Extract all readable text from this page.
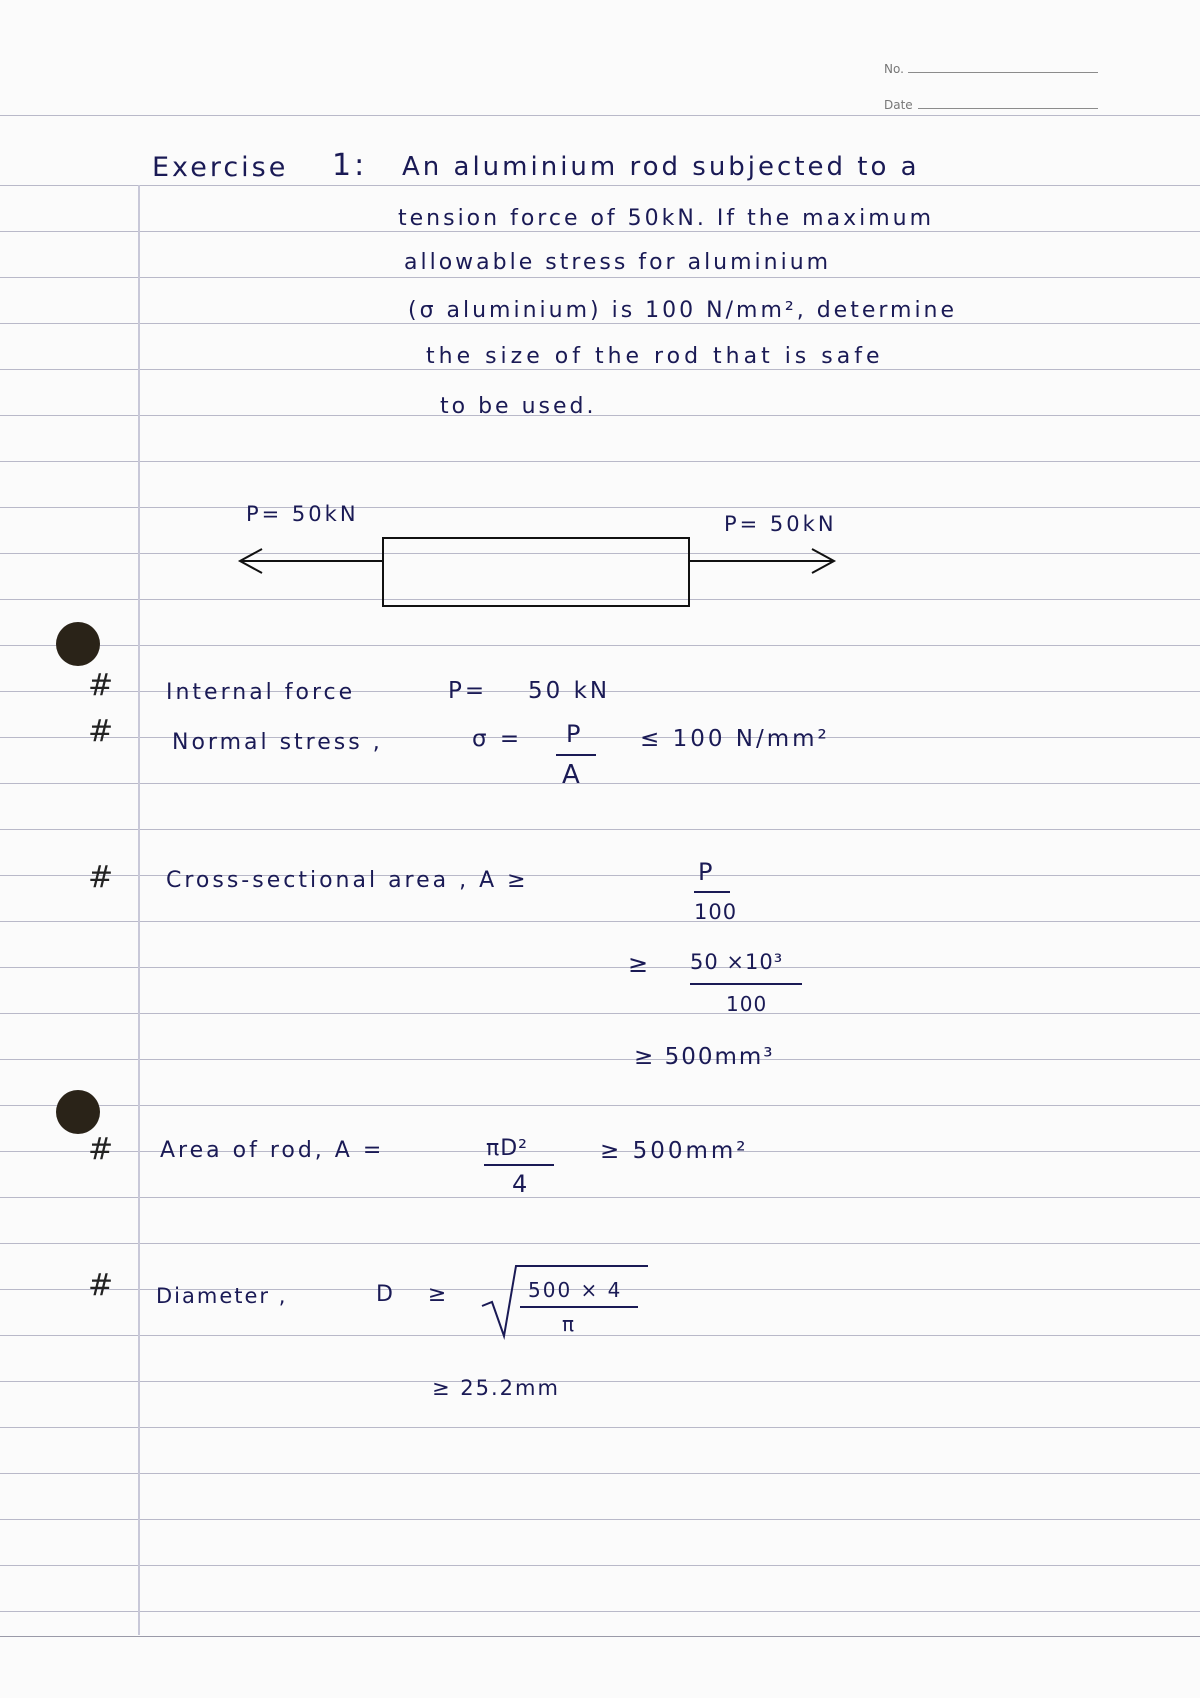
No.
Date
Exercise 1: An aluminium rod subjected to a
tension force of 50kN. If the maximum
allowable stress for aluminium
(σ aluminium) is 100 N/mm², determine
the size of the rod that is safe
to be used.
P= 50kN	P= 50kN
# Internal force	P= 50 kN
#	Normal stress ,	σ = P
A
≤ 100 N/mm²
# Cross-sectional area , A ≥	P
100
≥ 50 ×10³
100
≥ 500mm³
# Area of rod, A =	πD²
4
≥ 500mm²
# Diameter ,	D ≥	500 × 4
π
≥ 25.2mm
